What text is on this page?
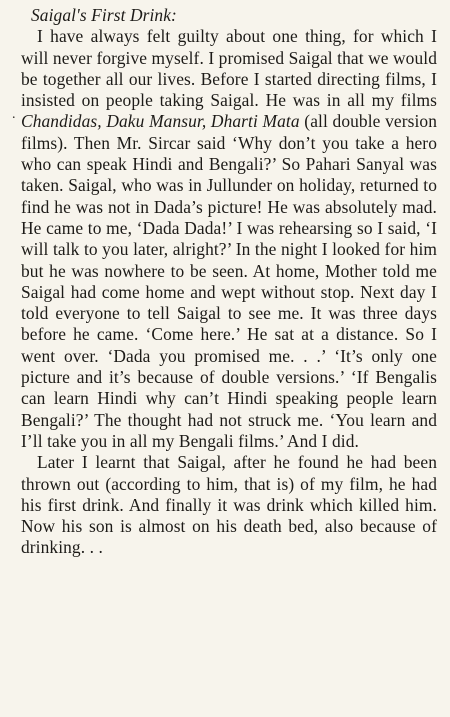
.
Saigal's First Drink:

I have always felt guilty about one thing, for which I will never forgive myself. I promised Saigal that we would be together all our lives. Before I started directing films, I insisted on people taking Saigal. He was in all my films Chandidas, Daku Mansur, Dharti Mata (all double version films). Then Mr. Sircar said ‘Why don’t you take a hero who can speak Hindi and Bengali?’ So Pahari Sanyal was taken. Saigal, who was in Jullunder on holiday, returned to find he was not in Dada’s picture! He was absolutely mad. He came to me, ‘Dada Dada!’ I was rehearsing so I said, ‘I will talk to you later, alright?’ In the night I looked for him but he was nowhere to be seen. At home, Mother told me Saigal had come home and wept without stop. Next day I told everyone to tell Saigal to see me. It was three days before he came. ‘Come here.’ He sat at a distance. So I went over. ‘Dada you promised me. . .’ ‘It’s only one picture and it’s because of double versions.’ ‘If Bengalis can learn Hindi why can’t Hindi speaking people learn Bengali?’ The thought had not struck me. ‘You learn and I’ll take you in all my Bengali films.’ And I did.

Later I learnt that Saigal, after he found he had been thrown out (according to him, that is) of my film, he had his first drink. And finally it was drink which killed him. Now his son is almost on his death bed, also because of drinking. . .
